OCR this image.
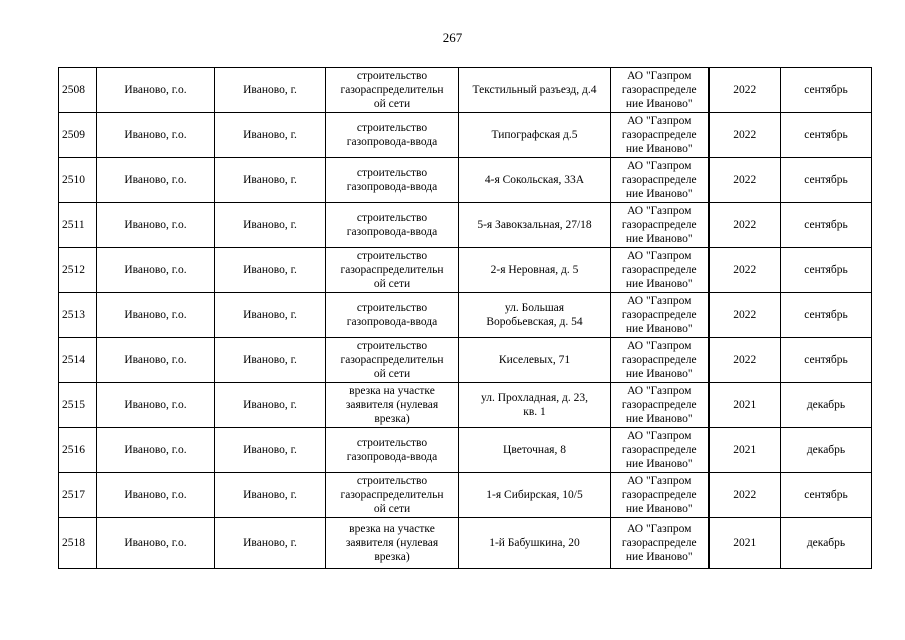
267
2508	Иваново, г.о.	Иваново, г.	строительство
газораспределительн
ой сети	Текстильный разъезд, д.4	АО "Газпром
газораспределе
ние Иваново"	2022	сентябрь
2509	Иваново, г.о.	Иваново, г.	строительство
газопровода-ввода	Типографская д.5	АО "Газпром
газораспределе
ние Иваново"	2022	сентябрь
2510	Иваново, г.о.	Иваново, г.	строительство
газопровода-ввода	4-я Сокольская, 33А	АО "Газпром
газораспределе
ние Иваново"	2022	сентябрь
2511	Иваново, г.о.	Иваново, г.	строительство
газопровода-ввода	5-я Завокзальная, 27/18	АО "Газпром
газораспределе
ние Иваново"	2022	сентябрь
2512	Иваново, г.о.	Иваново, г.	строительство
газораспределительн
ой сети	2-я Неровная, д. 5	АО "Газпром
газораспределе
ние Иваново"	2022	сентябрь
2513	Иваново, г.о.	Иваново, г.	строительство
газопровода-ввода	ул. Большая
Воробьевская, д. 54	АО "Газпром
газораспределе
ние Иваново"	2022	сентябрь
2514	Иваново, г.о.	Иваново, г.	строительство
газораспределительн
ой сети	Киселевых, 71	АО "Газпром
газораспределе
ние Иваново"	2022	сентябрь
2515	Иваново, г.о.	Иваново, г.	врезка на участке
заявителя (нулевая
врезка)	ул. Прохладная, д. 23,
кв. 1	АО "Газпром
газораспределе
ние Иваново"	2021	декабрь
2516	Иваново, г.о.	Иваново, г.	строительство
газопровода-ввода	Цветочная, 8	АО "Газпром
газораспределе
ние Иваново"	2021	декабрь
2517	Иваново, г.о.	Иваново, г.	строительство
газораспределительн
ой сети	1-я Сибирская, 10/5	АО "Газпром
газораспределе
ние Иваново"	2022	сентябрь
2518	Иваново, г.о.	Иваново, г.	врезка на участке
заявителя (нулевая
врезка)	1-й Бабушкина, 20	АО "Газпром
газораспределе
ние Иваново"	2021	декабрь
